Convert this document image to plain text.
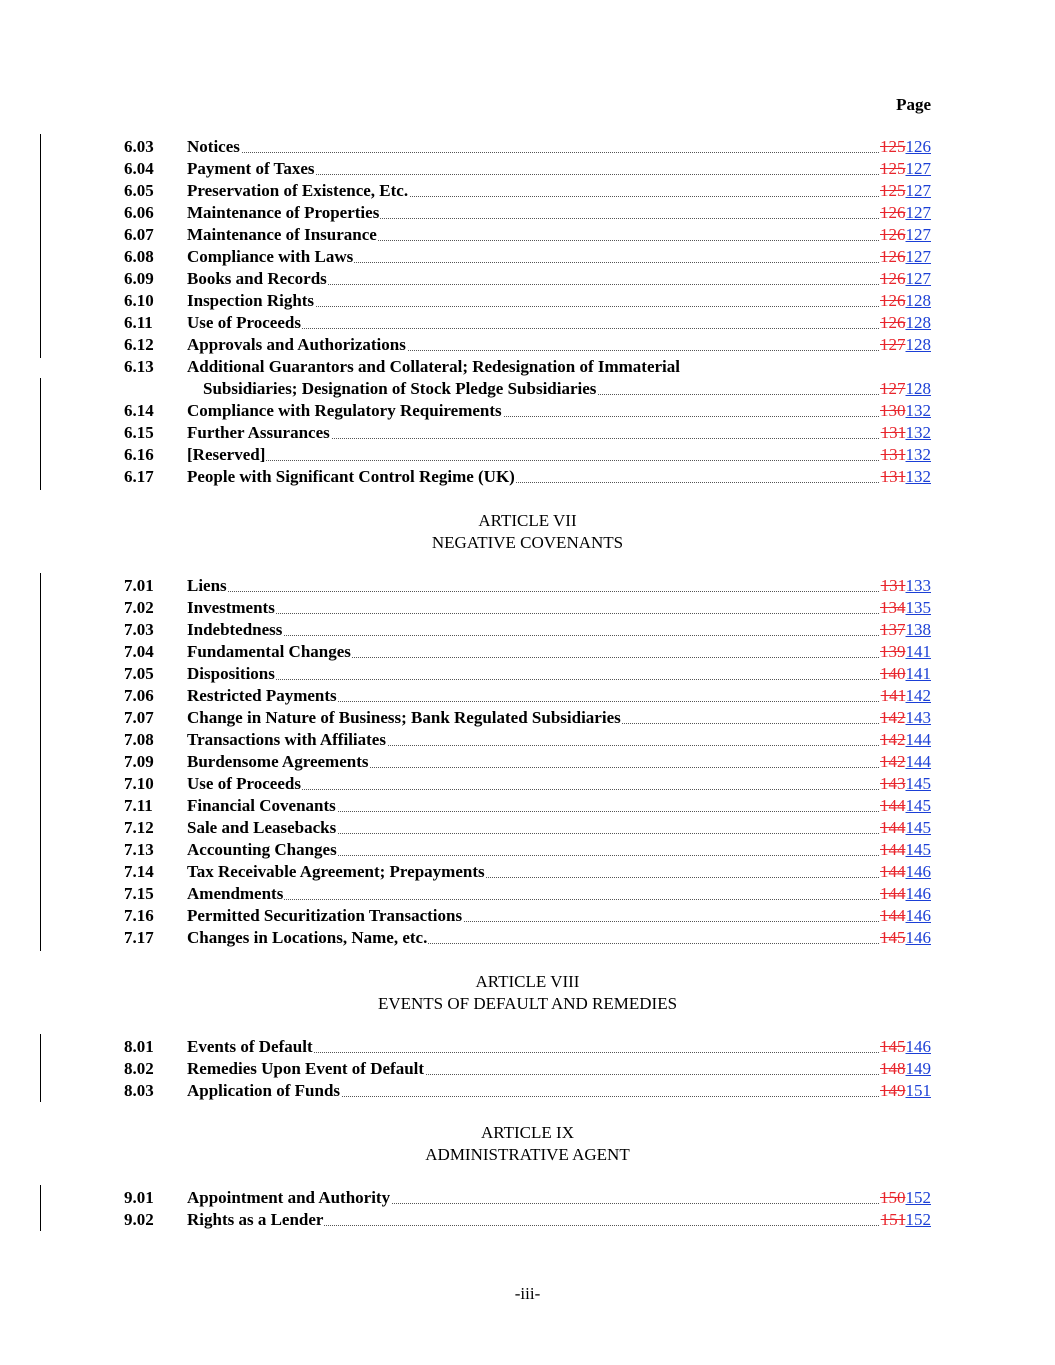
Page
6.03 Notices	125126
6.04 Payment of Taxes	125127
6.05 Preservation of Existence, Etc.	125127
6.06 Maintenance of Properties	126127
6.07 Maintenance of Insurance	126127
6.08 Compliance with Laws	126127
6.09 Books and Records	126127
6.10 Inspection Rights	126128
6.11 Use of Proceeds	126128
6.12 Approvals and Authorizations	127128
6.13 Additional Guarantors and Collateral; Redesignation of Immaterial
Subsidiaries; Designation of Stock Pledge Subsidiaries	127128
6.14 Compliance with Regulatory Requirements	130132
6.15 Further Assurances	131132
6.16 [Reserved]	131132
6.17 People with Significant Control Regime (UK)	131132
ARTICLE VII
NEGATIVE COVENANTS
7.01 Liens	131133
7.02 Investments	134135
7.03 Indebtedness	137138
7.04 Fundamental Changes	139141
7.05 Dispositions	140141
7.06 Restricted Payments	141142
7.07 Change in Nature of Business; Bank Regulated Subsidiaries	142143
7.08 Transactions with Affiliates	142144
7.09 Burdensome Agreements	142144
7.10 Use of Proceeds	143145
7.11 Financial Covenants	144145
7.12 Sale and Leasebacks	144145
7.13 Accounting Changes	144145
7.14 Tax Receivable Agreement; Prepayments	144146
7.15 Amendments	144146
7.16 Permitted Securitization Transactions	144146
7.17 Changes in Locations, Name, etc.	145146
ARTICLE VIII
EVENTS OF DEFAULT AND REMEDIES
8.01 Events of Default	145146
8.02 Remedies Upon Event of Default	148149
8.03 Application of Funds	149151
ARTICLE IX
ADMINISTRATIVE AGENT
9.01 Appointment and Authority	150152
9.02 Rights as a Lender	151152
-iii-
